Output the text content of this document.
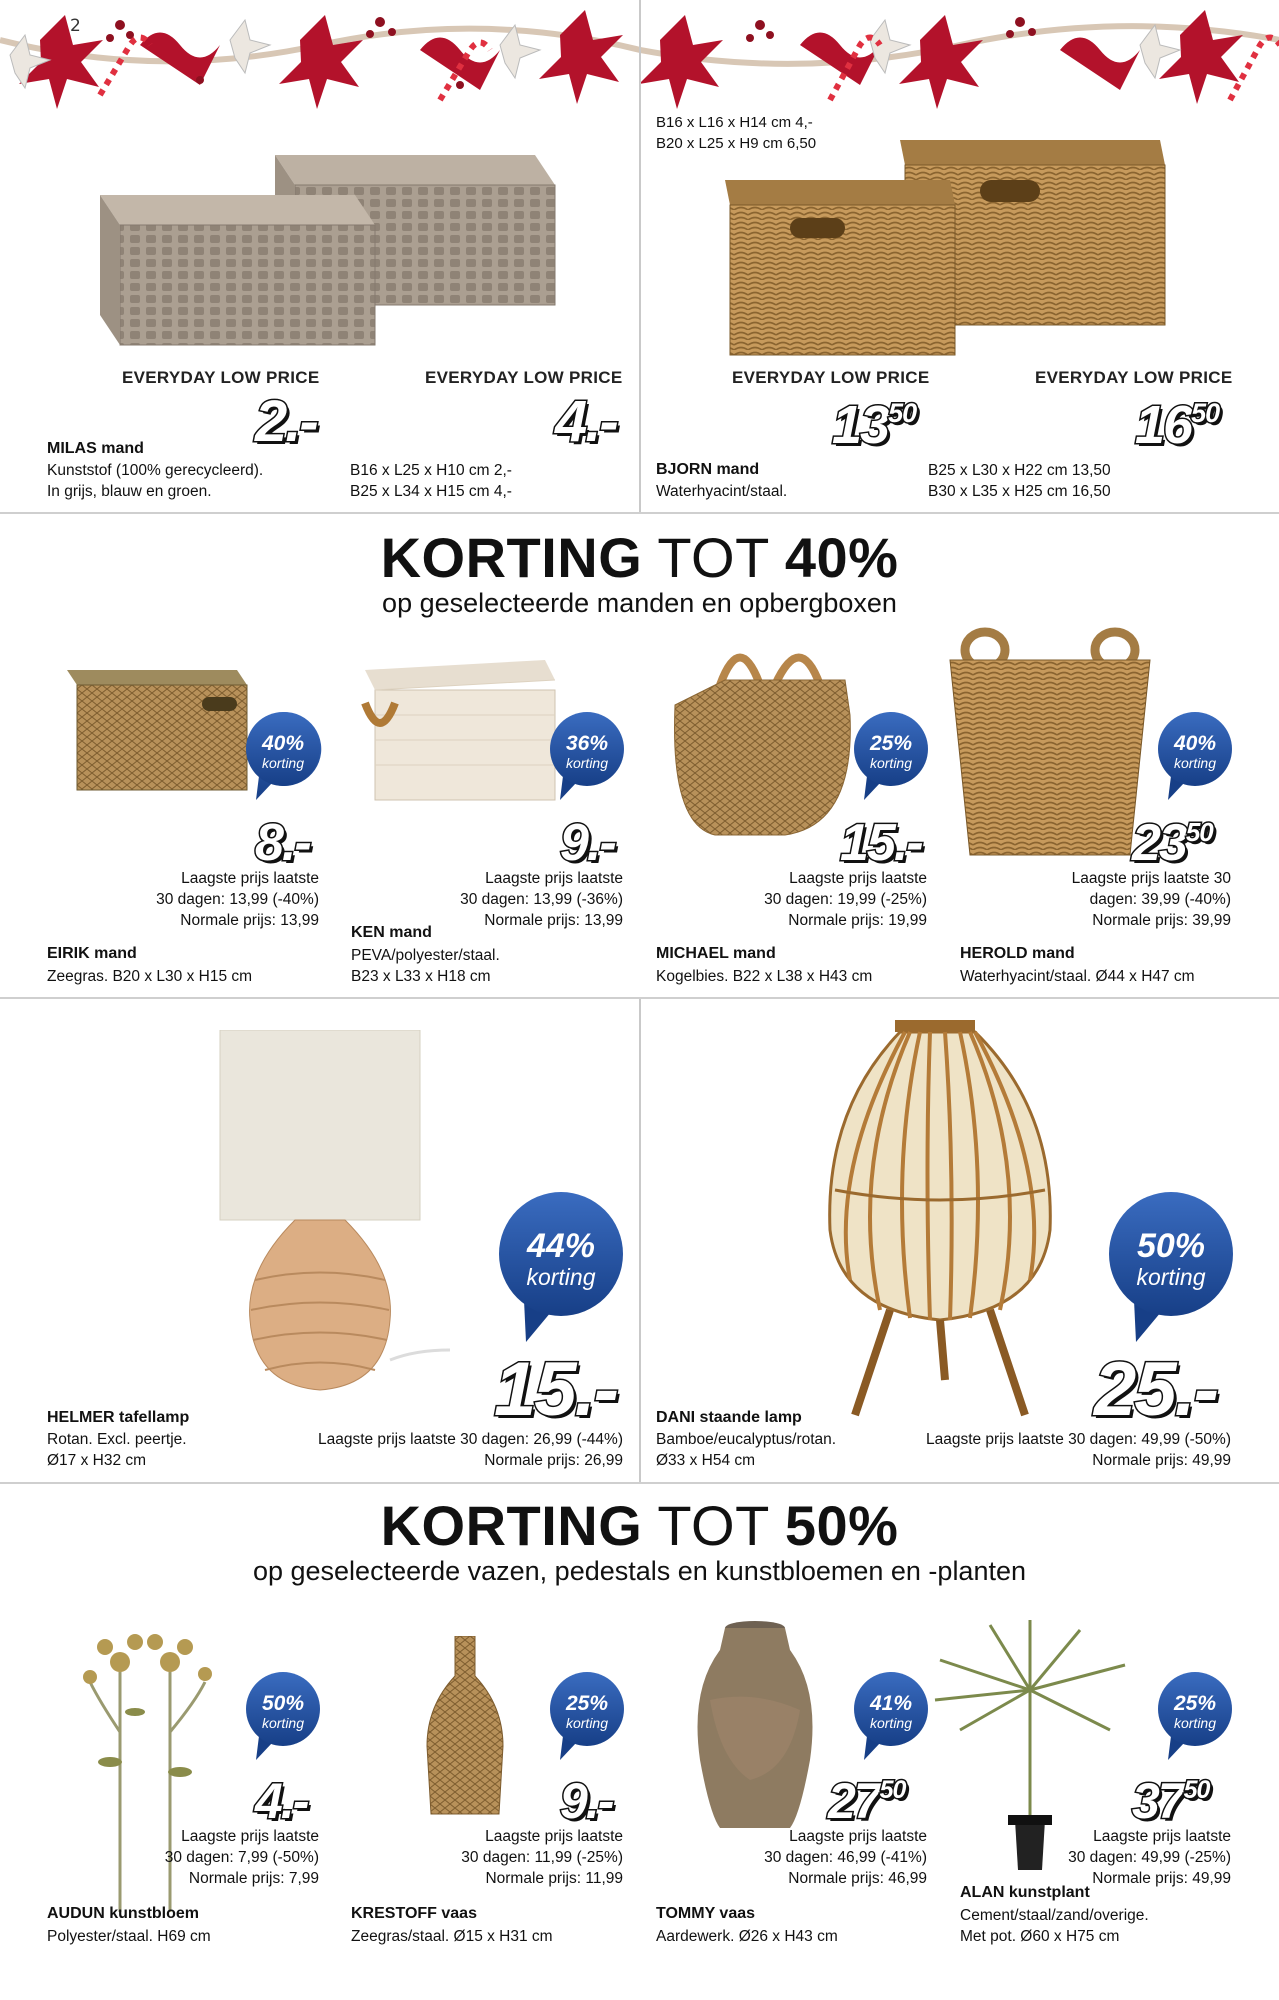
2
EVERYDAY LOW PRICE	EVERYDAY LOW PRICE
2.-	4.-
MILAS mand
Kunststof (100% gerecycleerd).
In grijs, blauw en groen.
B16 x L25 x H10 cm 2,-
B25 x L34 x H15 cm 4,-
B16 x L16 x H14 cm 4,-
B20 x L25 x H9 cm 6,50
EVERYDAY LOW PRICE	EVERYDAY LOW PRICE
$13^{50}$	$16^{50}$
BJORN mand
Waterhyacint/staal.
B25 x L30 x H22 cm 13,50
B30 x L35 x H25 cm 16,50
KORTING TOT 40%
op geselecteerde manden en opbergboxen
40%
korting
36%
korting
25%
korting
40%
korting
8.-	9.-	15.-	$23^{50}$
Laagste prijs laatste
30 dagen: 13,99 (-40%)
Normale prijs: 13,99
Laagste prijs laatste
30 dagen: 13,99 (-36%)
Normale prijs: 13,99
Laagste prijs laatste
30 dagen: 19,99 (-25%)
Normale prijs: 19,99
Laagste prijs laatste 30
dagen: 39,99 (-40%)
Normale prijs: 39,99
EIRIK mand
Zeegras. B20 x L30 x H15 cm
KEN mand
PEVA/polyester/staal.
B23 x L33 x H18 cm
MICHAEL mand
Kogelbies. B22 x L38 x H43 cm
HEROLD mand
Waterhyacint/staal. Ø44 x H47 cm
44%
korting
50%
korting
15.-	25.-
HELMER tafellamp
Rotan. Excl. peertje.
Ø17 x H32 cm
Laagste prijs laatste 30 dagen: 26,99 (-44%)
Normale prijs: 26,99
DANI staande lamp
Bamboe/eucalyptus/rotan.
Ø33 x H54 cm
Laagste prijs laatste 30 dagen: 49,99 (-50%)
Normale prijs: 49,99
KORTING TOT 50%
op geselecteerde vazen, pedestals en kunstbloemen en -planten
50%
korting
25%
korting
41%
korting
25%
korting
4.-	9.-	$27^{50}$	$37^{50}$
Laagste prijs laatste
30 dagen: 7,99 (-50%)
Normale prijs: 7,99
Laagste prijs laatste
30 dagen: 11,99 (-25%)
Normale prijs: 11,99
Laagste prijs laatste
30 dagen: 46,99 (-41%)
Normale prijs: 46,99
Laagste prijs laatste
30 dagen: 49,99 (-25%)
Normale prijs: 49,99
AUDUN kunstbloem
Polyester/staal. H69 cm
KRESTOFF vaas
Zeegras/staal. Ø15 x H31 cm
TOMMY vaas
Aardewerk. Ø26 x H43 cm
ALAN kunstplant
Cement/staal/zand/overige.
Met pot. Ø60 x H75 cm
